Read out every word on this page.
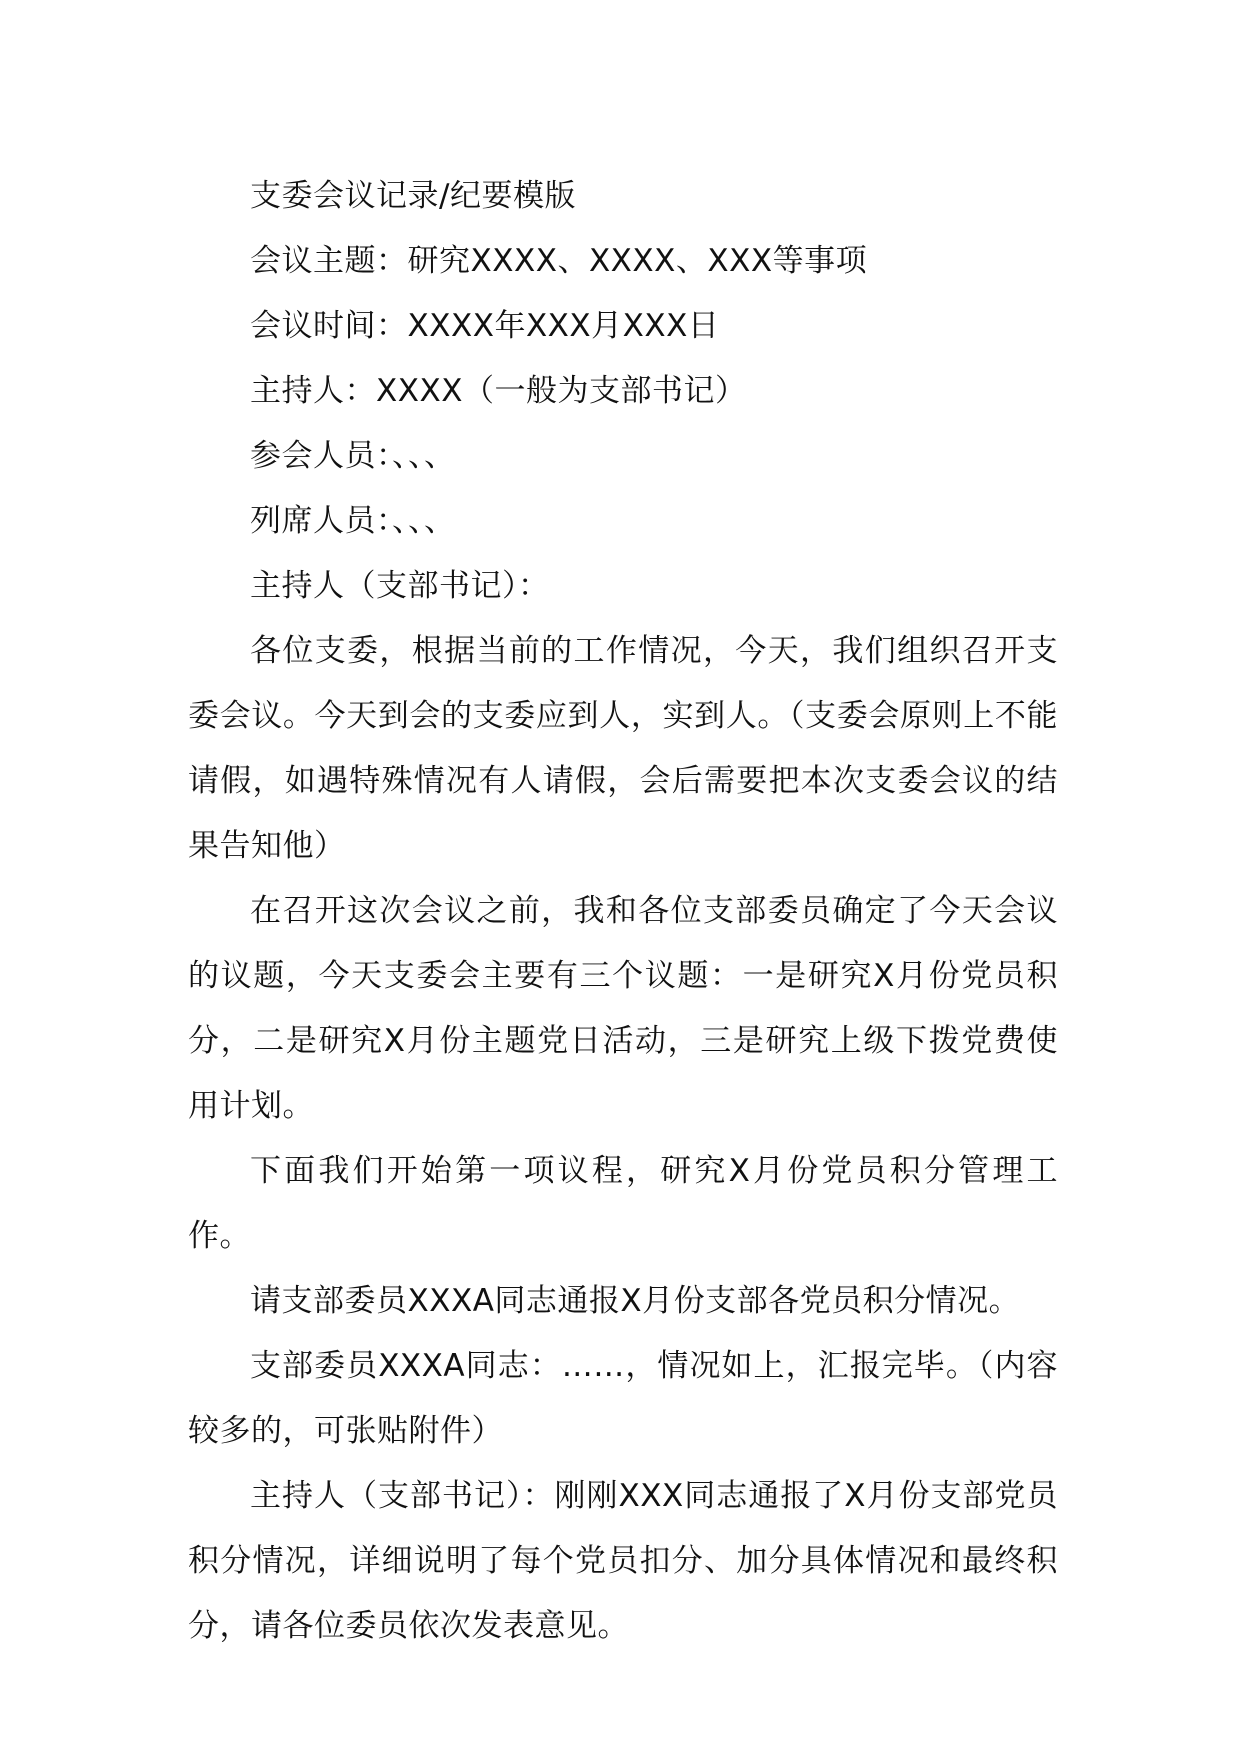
支委会议记录/纪要模版

会议主题：研究XXXX、XXXX、XXX等事项

会议时间：XXXX年XXX月XXX日

主持人：XXXX（一般为支部书记）

参会人员：、、、

列席人员：、、、

主持人（支部书记）：

各位支委，根据当前的工作情况，今天，我们组织召开支委会议。今天到会的支委应到人，实到人。（支委会原则上不能请假，如遇特殊情况有人请假，会后需要把本次支委会议的结果告知他）

在召开这次会议之前，我和各位支部委员确定了今天会议的议题，今天支委会主要有三个议题：一是研究X月份党员积分，二是研究X月份主题党日活动，三是研究上级下拨党费使用计划。

下面我们开始第一项议程，研究X月份党员积分管理工作。

请支部委员XXXA同志通报X月份支部各党员积分情况。

支部委员XXXA同志：……，情况如上，汇报完毕。（内容较多的，可张贴附件）

主持人（支部书记）：刚刚XXX同志通报了X月份支部党员积分情况，详细说明了每个党员扣分、加分具体情况和最终积分，请各位委员依次发表意见。
